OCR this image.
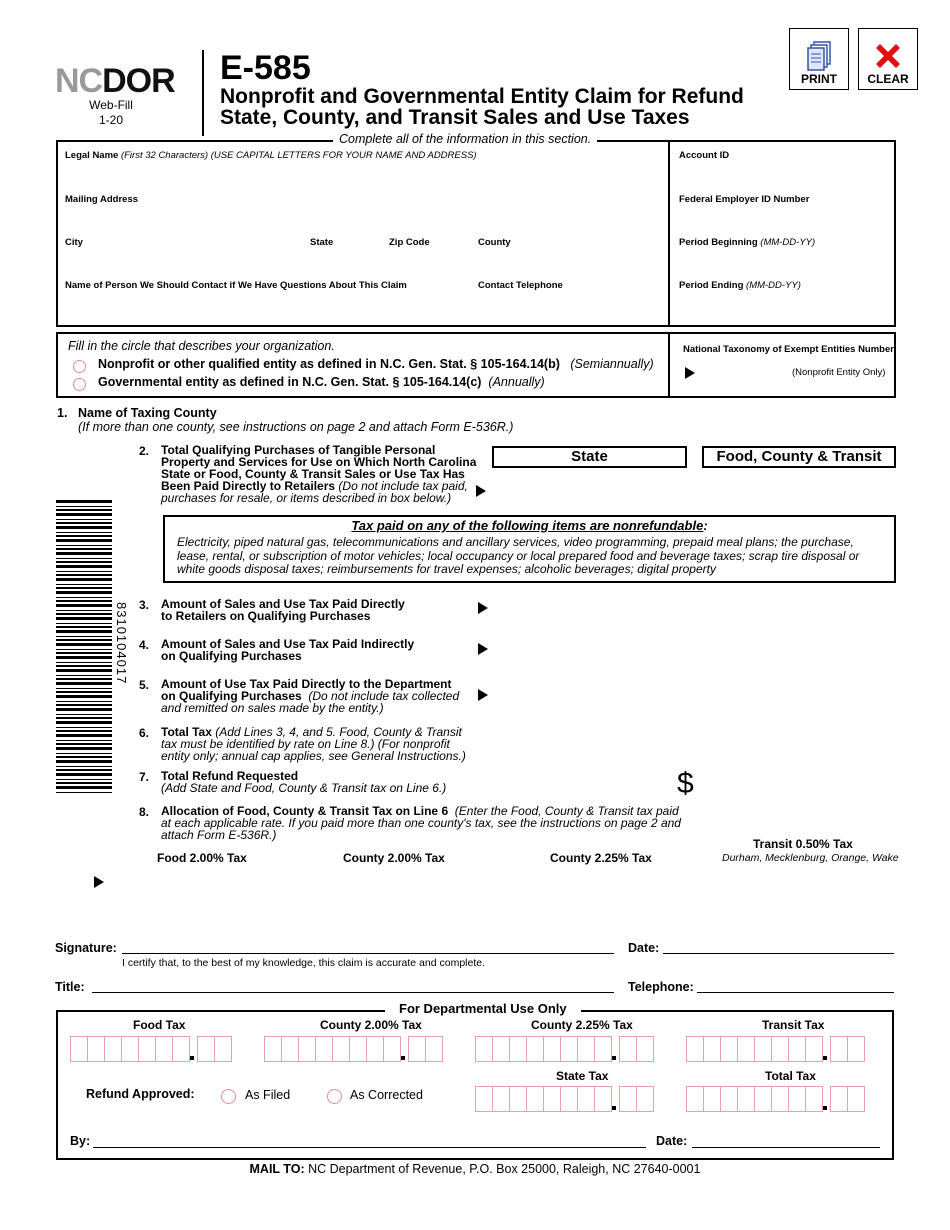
NCDOR
Web-Fill
1-20
E-585
Nonprofit and Governmental Entity Claim for Refund
State, County, and Transit Sales and Use Taxes
PRINT	CLEAR
Complete all of the information in this section.
Legal Name (First 32 Characters) (USE CAPITAL LETTERS FOR YOUR NAME AND ADDRESS)
Mailing Address
City	State	Zip Code	County
Name of Person We Should Contact if We Have Questions About This Claim	Contact Telephone
Account ID
Federal Employer ID Number
Period Beginning (MM-DD-YY)
Period Ending (MM-DD-YY)
Fill in the circle that describes your organization.
Nonprofit or other qualified entity as defined in N.C. Gen. Stat. § 105-164.14(b) (Semiannually)
Governmental entity as defined in N.C. Gen. Stat. § 105-164.14(c) (Annually)
National Taxonomy of Exempt Entities Number
(Nonprofit Entity Only)
1. Name of Taxing County
(If more than one county, see instructions on page 2 and attach Form E-536R.)
8310104017
2. Total Qualifying Purchases of Tangible Personal
Property and Services for Use on Which North Carolina
State or Food, County & Transit Sales or Use Tax Has
Been Paid Directly to Retailers (Do not include tax paid,
purchases for resale, or items described in box below.)
State	Food, County & Transit
Tax paid on any of the following items are nonrefundable:
Electricity, piped natural gas, telecommunications and ancillary services, video programming, prepaid meal plans; the purchase,
lease, rental, or subscription of motor vehicles; local occupancy or local prepared food and beverage taxes; scrap tire disposal or
white goods disposal taxes; reimbursements for travel expenses; alcoholic beverages; digital property
3. Amount of Sales and Use Tax Paid Directly
to Retailers on Qualifying Purchases
4. Amount of Sales and Use Tax Paid Indirectly
on Qualifying Purchases
5. Amount of Use Tax Paid Directly to the Department
on Qualifying Purchases (Do not include tax collected
and remitted on sales made by the entity.)
6. Total Tax (Add Lines 3, 4, and 5. Food, County & Transit
tax must be identified by rate on Line 8.) (For nonprofit
entity only; annual cap applies, see General Instructions.)
7. Total Refund Requested
(Add State and Food, County & Transit tax on Line 6.)	$
8. Allocation of Food, County & Transit Tax on Line 6 (Enter the Food, County & Transit tax paid
at each applicable rate. If you paid more than one county's tax, see the instructions on page 2 and
attach Form E-536R.)
Transit 0.50% Tax
Durham, Mecklenburg, Orange, Wake
Food 2.00% Tax	County 2.00% Tax	County 2.25% Tax
Signature:	Date:
I certify that, to the best of my knowledge, this claim is accurate and complete.
Title:	Telephone:
For Departmental Use Only
Food Tax	County 2.00% Tax	County 2.25% Tax	Transit Tax
State Tax	Total Tax
Refund Approved:	As Filed	As Corrected
By:	Date:
MAIL TO: NC Department of Revenue, P.O. Box 25000, Raleigh, NC 27640-0001
